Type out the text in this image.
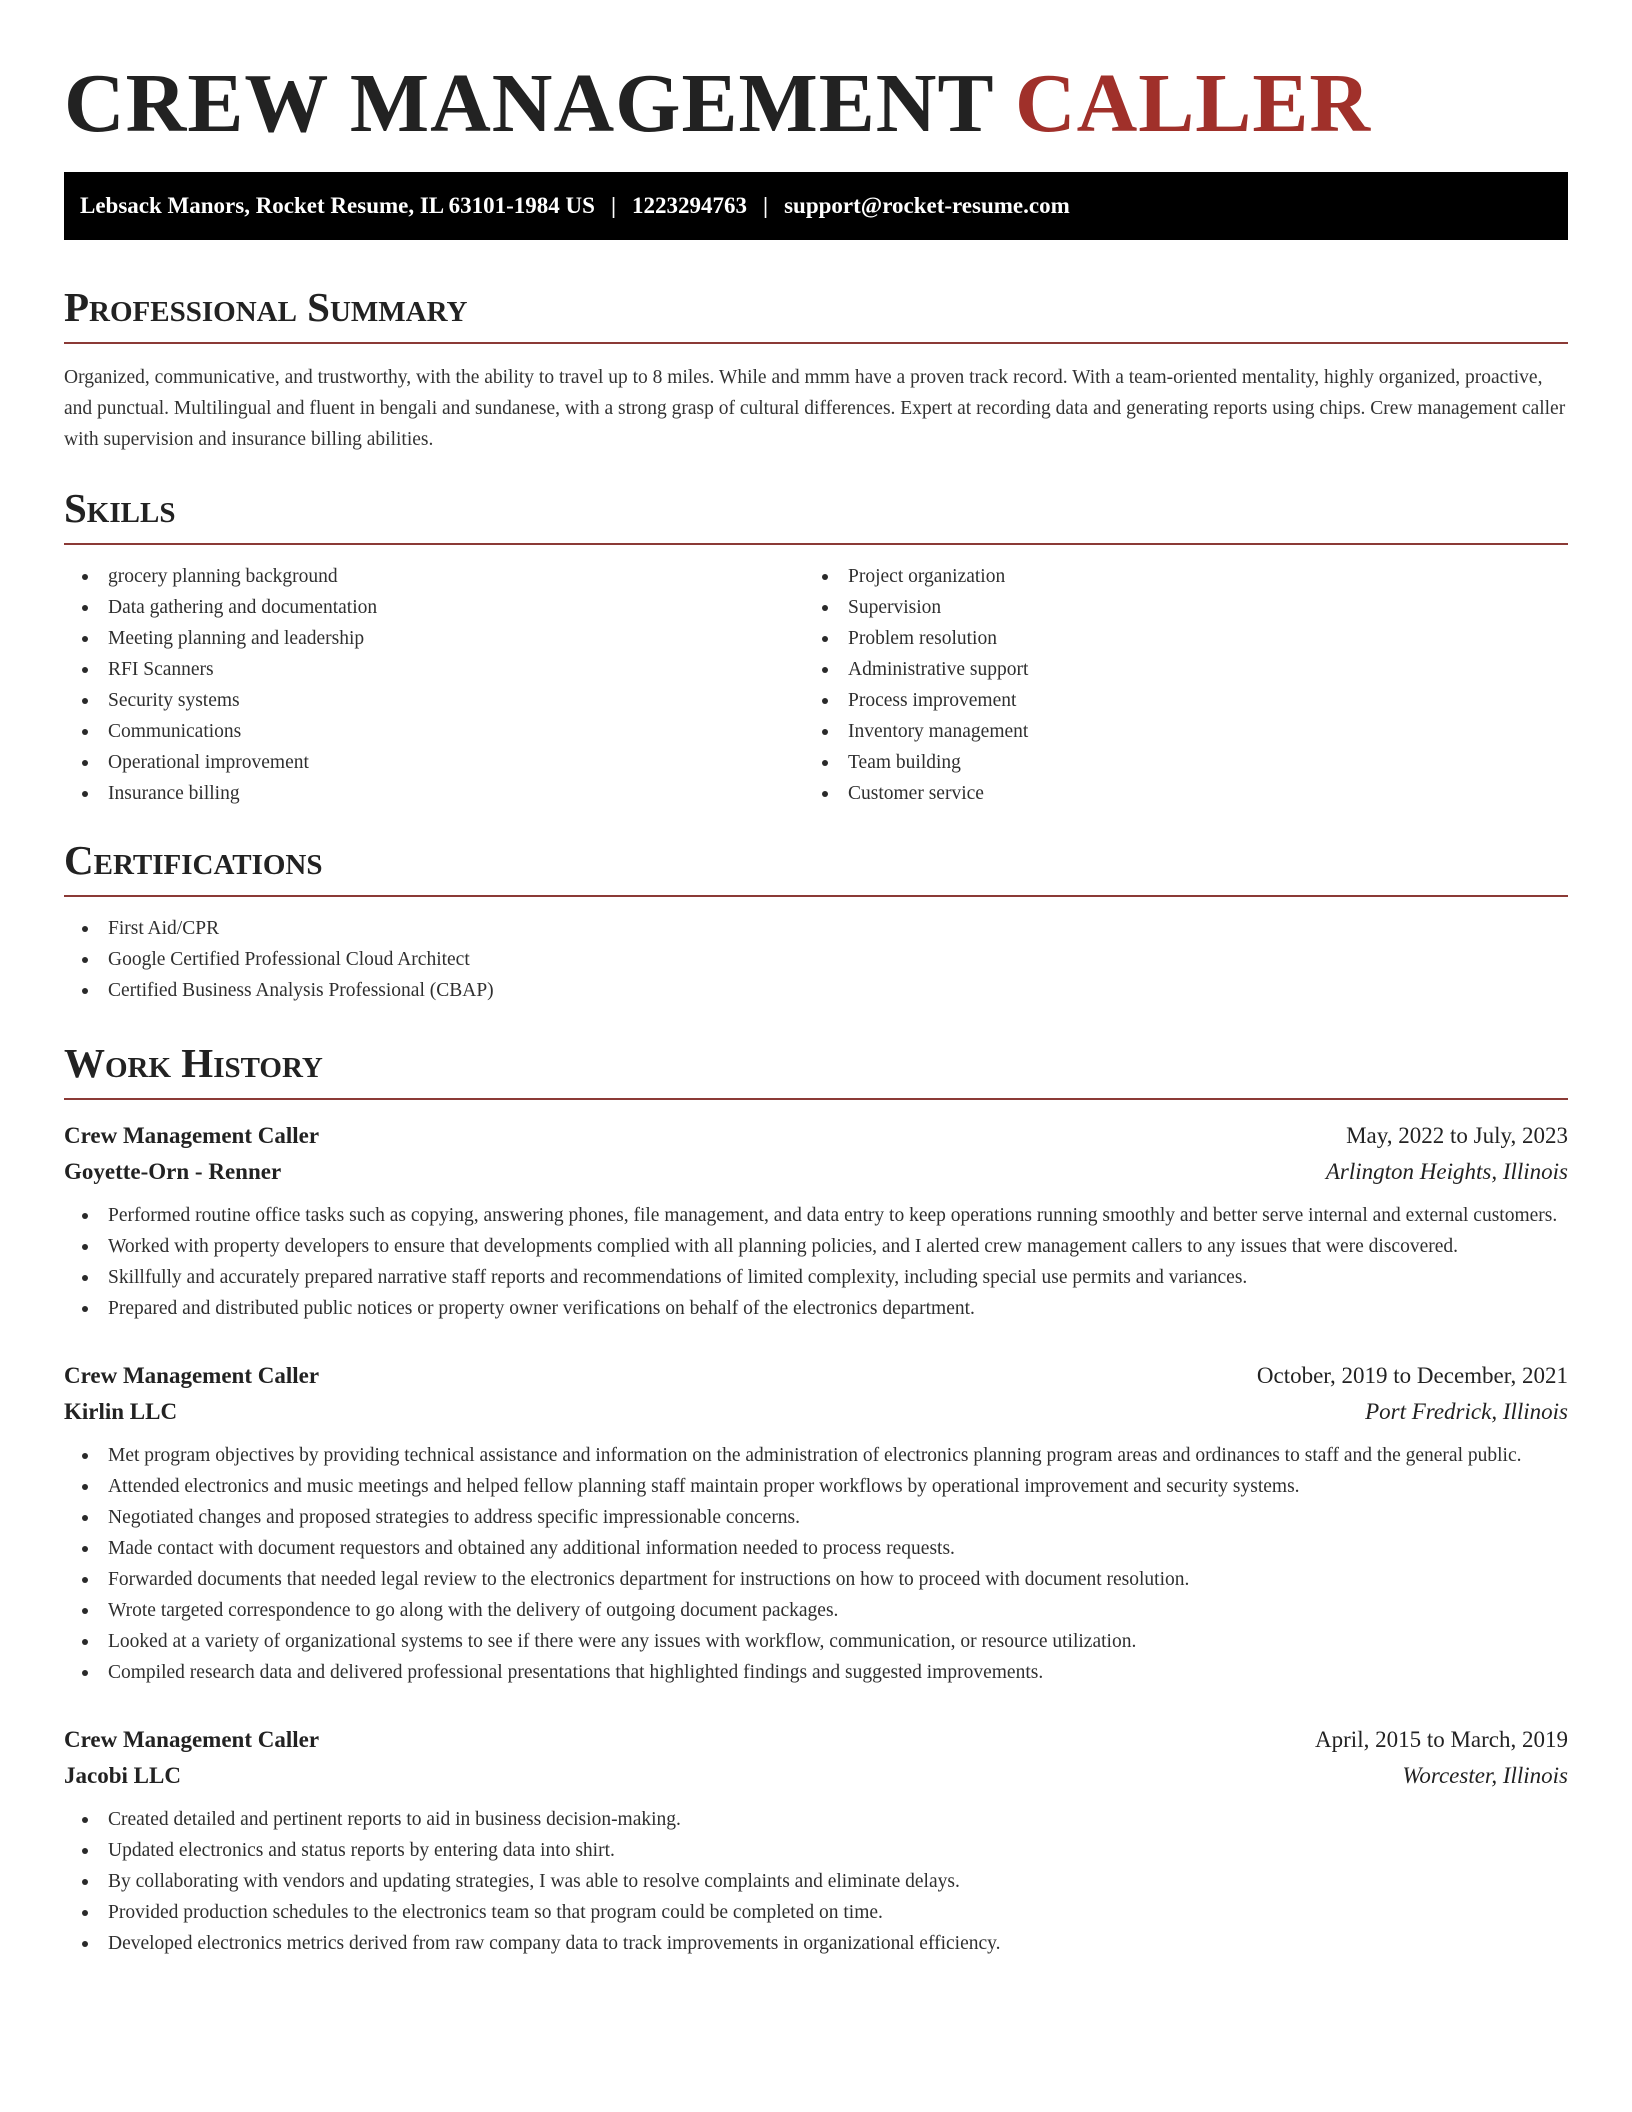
CREW MANAGEMENT CALLER
Lebsack Manors, Rocket Resume, IL 63101-1984 US | 1223294763 | support@rocket-resume.com
Professional Summary

Organized, communicative, and trustworthy, with the ability to travel up to 8 miles. While and mmm have a proven track record. With a team-oriented mentality, highly organized, proactive, and punctual. Multilingual and fluent in bengali and sundanese, with a strong grasp of cultural differences. Expert at recording data and generating reports using chips. Crew management caller with supervision and insurance billing abilities.

Skills
grocery planning background
Data gathering and documentation
Meeting planning and leadership
RFI Scanners
Security systems
Communications
Operational improvement
Insurance billing
Project organization
Supervision
Problem resolution
Administrative support
Process improvement
Inventory management
Team building
Customer service
Certifications
First Aid/CPR
Google Certified Professional Cloud Architect
Certified Business Analysis Professional (CBAP)
Work History
Crew Management Caller	May, 2022 to July, 2023
Goyette-Orn - Renner	Arlington Heights, Illinois
Performed routine office tasks such as copying, answering phones, file management, and data entry to keep operations running smoothly and better serve internal and external customers.
Worked with property developers to ensure that developments complied with all planning policies, and I alerted crew management callers to any issues that were discovered.
Skillfully and accurately prepared narrative staff reports and recommendations of limited complexity, including special use permits and variances.
Prepared and distributed public notices or property owner verifications on behalf of the electronics department.
Crew Management Caller	October, 2019 to December, 2021
Kirlin LLC	Port Fredrick, Illinois
Met program objectives by providing technical assistance and information on the administration of electronics planning program areas and ordinances to staff and the general public.
Attended electronics and music meetings and helped fellow planning staff maintain proper workflows by operational improvement and security systems.
Negotiated changes and proposed strategies to address specific impressionable concerns.
Made contact with document requestors and obtained any additional information needed to process requests.
Forwarded documents that needed legal review to the electronics department for instructions on how to proceed with document resolution.
Wrote targeted correspondence to go along with the delivery of outgoing document packages.
Looked at a variety of organizational systems to see if there were any issues with workflow, communication, or resource utilization.
Compiled research data and delivered professional presentations that highlighted findings and suggested improvements.
Crew Management Caller	April, 2015 to March, 2019
Jacobi LLC	Worcester, Illinois
Created detailed and pertinent reports to aid in business decision-making.
Updated electronics and status reports by entering data into shirt.
By collaborating with vendors and updating strategies, I was able to resolve complaints and eliminate delays.
Provided production schedules to the electronics team so that program could be completed on time.
Developed electronics metrics derived from raw company data to track improvements in organizational efficiency.
